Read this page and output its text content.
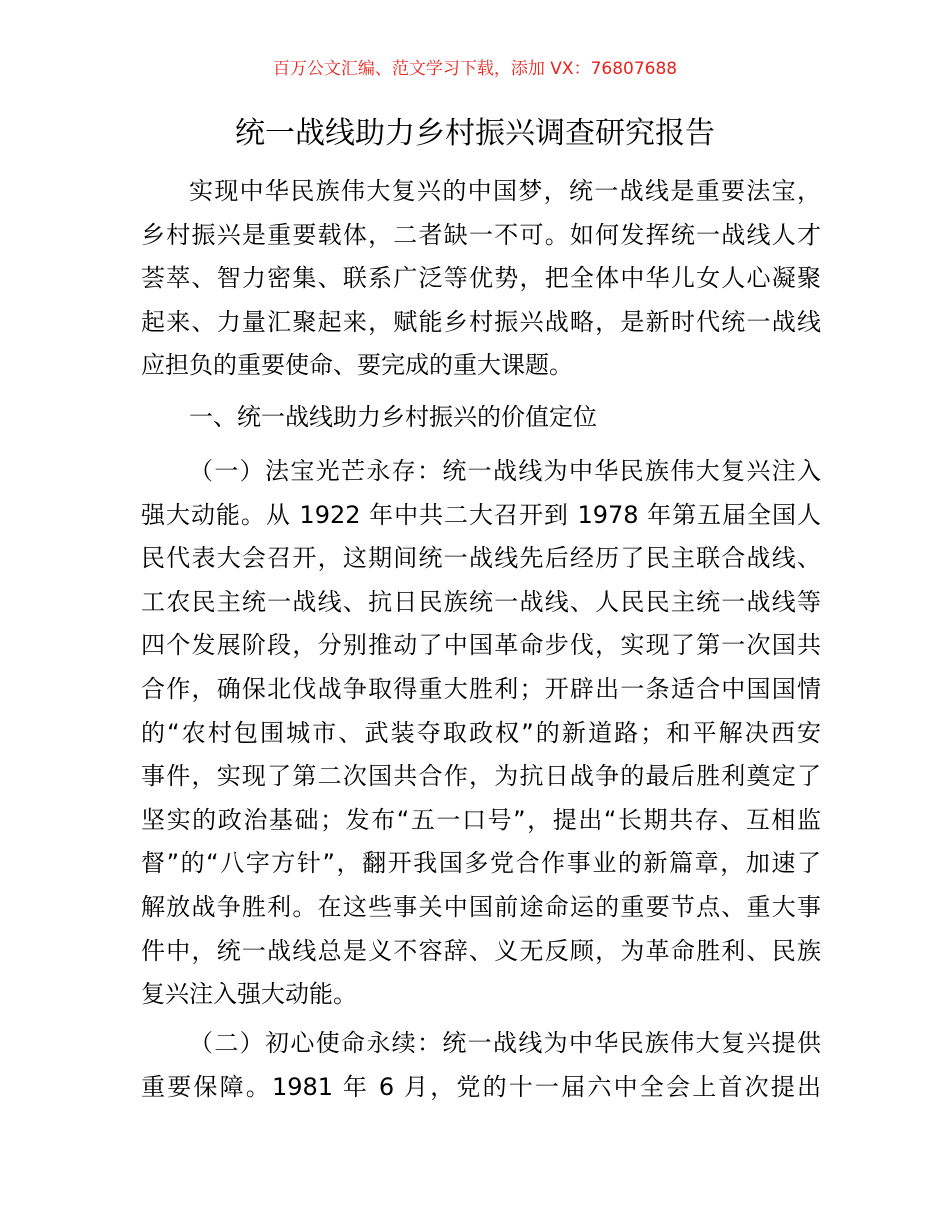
百万公文汇编、范文学习下载，添加 VX：76807688
统一战线助力乡村振兴调查研究报告
实现中华民族伟大复兴的中国梦，统一战线是重要法宝，
乡村振兴是重要载体，二者缺一不可。如何发挥统一战线人才
荟萃、智力密集、联系广泛等优势，把全体中华儿女人心凝聚
起来、力量汇聚起来，赋能乡村振兴战略，是新时代统一战线
应担负的重要使命、要完成的重大课题。
一、统一战线助力乡村振兴的价值定位
（一）法宝光芒永存：统一战线为中华民族伟大复兴注入
强大动能。从 1922 年中共二大召开到 1978 年第五届全国人
民代表大会召开，这期间统一战线先后经历了民主联合战线、
工农民主统一战线、抗日民族统一战线、人民民主统一战线等
四个发展阶段，分别推动了中国革命步伐，实现了第一次国共
合作，确保北伐战争取得重大胜利；开辟出一条适合中国国情
的“农村包围城市、武装夺取政权”的新道路；和平解决西安
事件，实现了第二次国共合作，为抗日战争的最后胜利奠定了
坚实的政治基础；发布“五一口号”，提出“长期共存、互相监
督”的“八字方针”，翻开我国多党合作事业的新篇章，加速了
解放战争胜利。在这些事关中国前途命运的重要节点、重大事
件中，统一战线总是义不容辞、义无反顾，为革命胜利、民族
复兴注入强大动能。
（二）初心使命永续：统一战线为中华民族伟大复兴提供
重要保障。1981 年 6 月，党的十一届六中全会上首次提出
